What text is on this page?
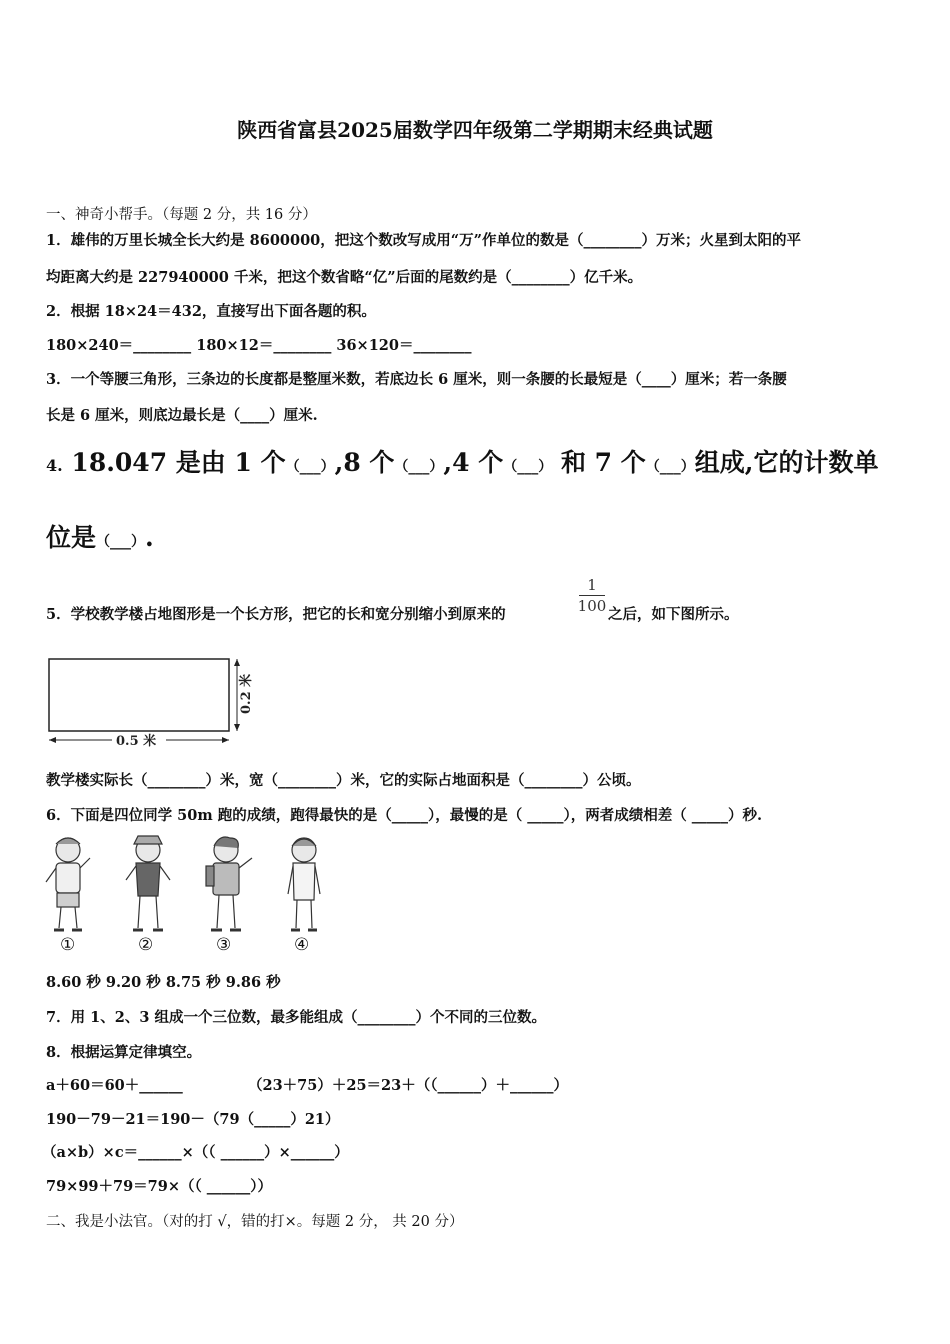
陕西省富县2025届数学四年级第二学期期末经典试题
一、神奇小帮手。（每题 2 分，共 16 分）
1．雄伟的万里长城全长大约是 8600000，把这个数改写成用“万”作单位的数是（________）万米；火星到太阳的平
均距离大约是 227940000 千米，把这个数省略“亿”后面的尾数约是（________）亿千米。
2．根据 18×24＝432，直接写出下面各题的积。
180×240＝________ 180×12＝________ 36×120＝________
3．一个等腰三角形，三条边的长度都是整厘米数，若底边长 6 厘米，则一条腰的长最短是（____）厘米；若一条腰
长是 6 厘米，则底边最长是（____）厘米.
4. 18.047 是由 1 个（___）,8 个（___）,4 个（___） 和 7 个（___）组成,它的计数单
位是（___）.
5．学校教学楼占地图形是一个长方形，把它的长和宽分别缩小到原来的
1
100 之后，如下图所示。
0.2 米
0.5 米
教学楼实际长（________）米，宽（________）米，它的实际占地面积是（________）公顷。
6．下面是四位同学 50m 跑的成绩，跑得最快的是（_____），最慢的是（ _____），两者成绩相差（ _____）秒.
①	②	③	④
8.60 秒 9.20 秒 8.75 秒 9.86 秒
7．用 1、2、3 组成一个三位数，最多能组成（________）个不同的三位数。
8．根据运算定律填空。
a＋60＝60＋______	（23＋75）＋25＝23＋（（______）＋______）
190－79－21＝190－（79（_____）21）
（a×b）×c＝______×（（ ______）×______）
79×99＋79＝79×（（ ______））
二、我是小法官。（对的打 √，错的打×。每题 2 分， 共 20 分）
